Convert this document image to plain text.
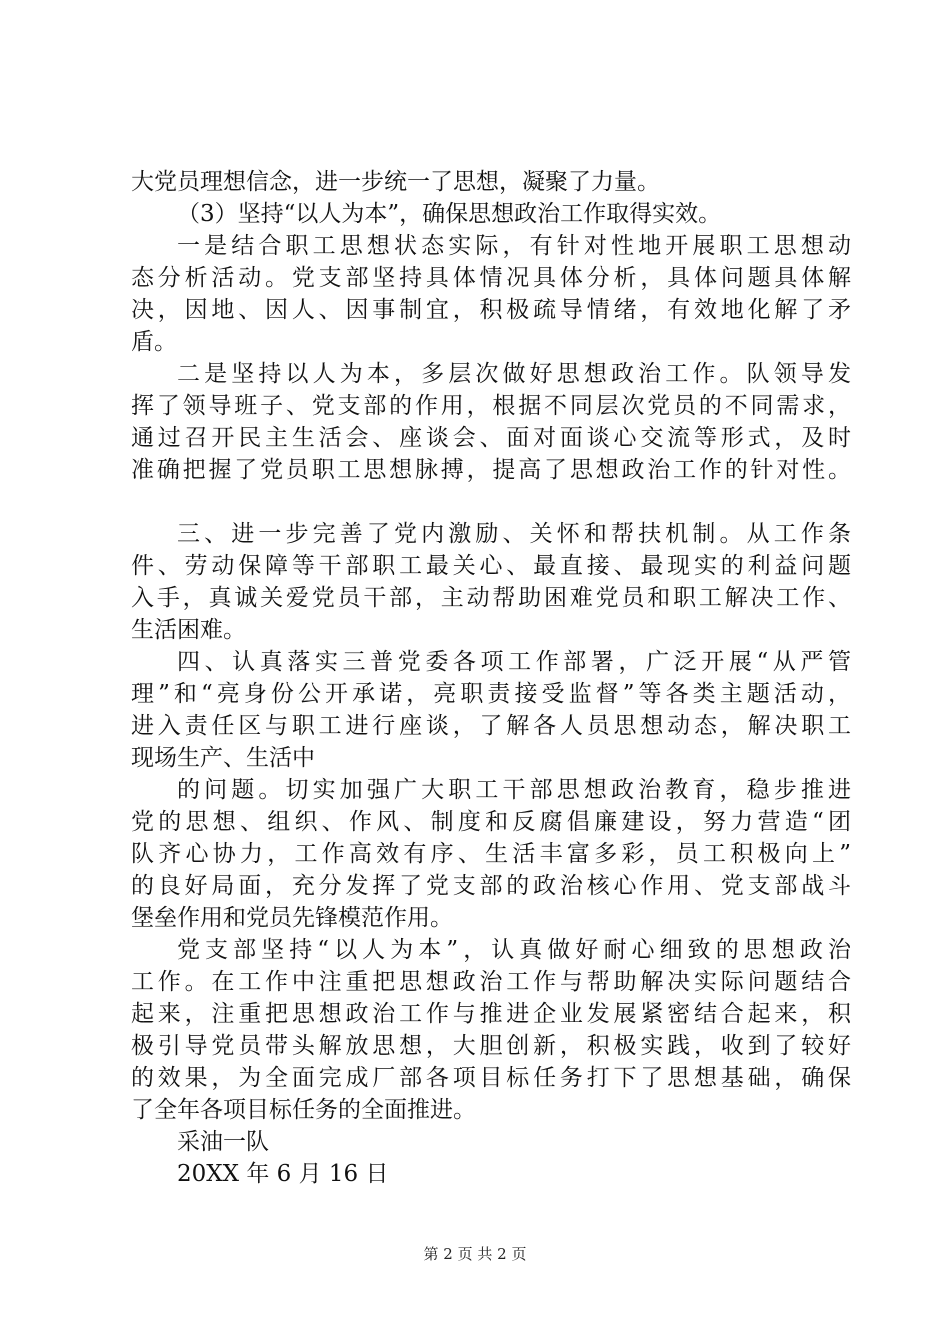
大党员理想信念，进一步统一了思想，凝聚了力量。
（3）坚持“以人为本”，确保思想政治工作取得实效。
一是结合职工思想状态实际，有针对性地开展职工思想动
态分析活动。党支部坚持具体情况具体分析，具体问题具体解
决，因地、因人、因事制宜，积极疏导情绪，有效地化解了矛
盾。
二是坚持以人为本，多层次做好思想政治工作。队领导发
挥了领导班子、党支部的作用，根据不同层次党员的不同需求，
通过召开民主生活会、座谈会、面对面谈心交流等形式，及时
准确把握了党员职工思想脉搏，提高了思想政治工作的针对性。
三、进一步完善了党内激励、关怀和帮扶机制。从工作条
件、劳动保障等干部职工最关心、最直接、最现实的利益问题
入手，真诚关爱党员干部，主动帮助困难党员和职工解决工作、
生活困难。
四、认真落实三普党委各项工作部署，广泛开展“从严管
理”和“亮身份公开承诺，亮职责接受监督”等各类主题活动，
进入责任区与职工进行座谈，了解各人员思想动态，解决职工
现场生产、生活中
的问题。切实加强广大职工干部思想政治教育，稳步推进
党的思想、组织、作风、制度和反腐倡廉建设，努力营造“团
队齐心协力，工作高效有序、生活丰富多彩，员工积极向上”
的良好局面，充分发挥了党支部的政治核心作用、党支部战斗
堡垒作用和党员先锋模范作用。
党支部坚持“以人为本”，认真做好耐心细致的思想政治
工作。在工作中注重把思想政治工作与帮助解决实际问题结合
起来，注重把思想政治工作与推进企业发展紧密结合起来，积
极引导党员带头解放思想，大胆创新，积极实践，收到了较好
的效果，为全面完成厂部各项目标任务打下了思想基础，确保
了全年各项目标任务的全面推进。
采油一队
20XX 年 6 月 16 日
第 2 页 共 2 页
